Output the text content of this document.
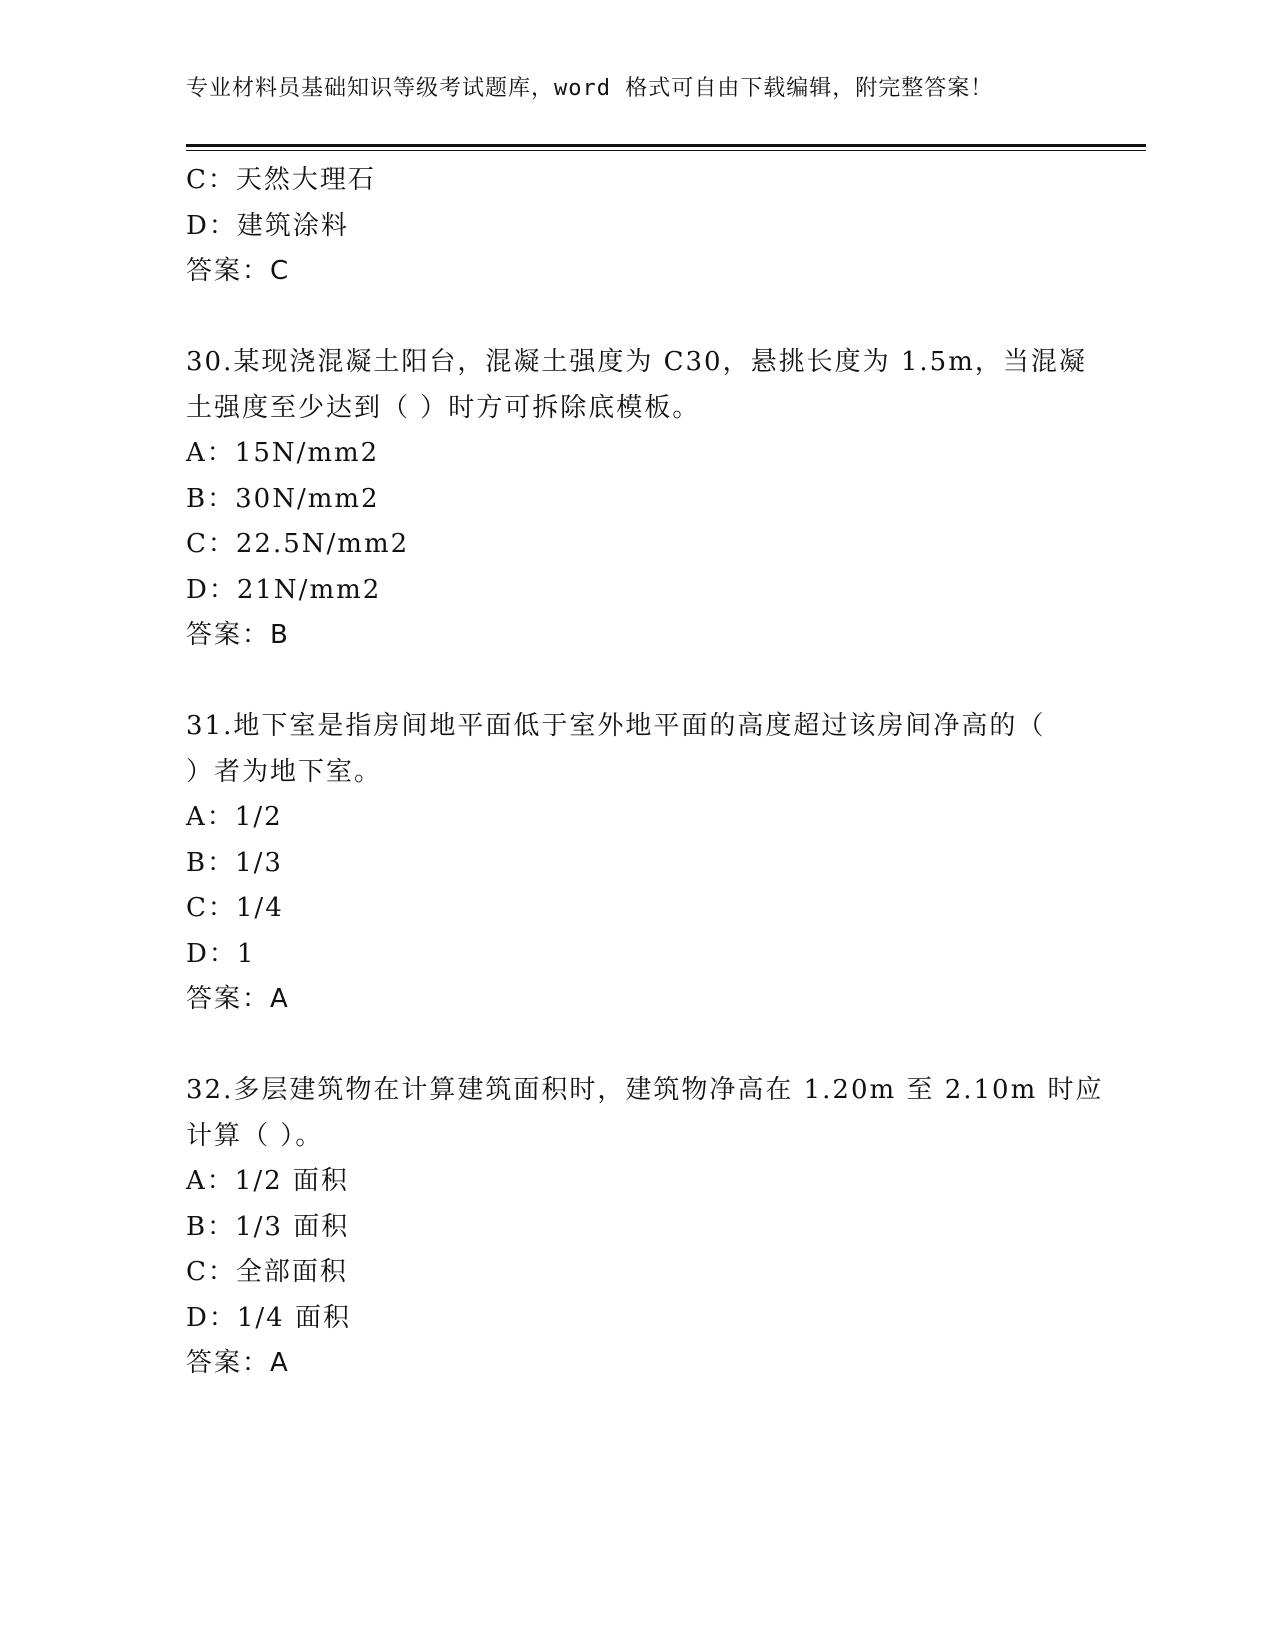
专业材料员基础知识等级考试题库，word 格式可自由下载编辑，附完整答案！
C：天然大理石
D：建筑涂料
答案：C
30.某现浇混凝土阳台，混凝土强度为 C30，悬挑长度为 1.5m，当混凝
土强度至少达到（ ）时方可拆除底模板。
A：15N/mm2
B：30N/mm2
C：22.5N/mm2
D：21N/mm2
答案：B
31.地下室是指房间地平面低于室外地平面的高度超过该房间净高的（
）者为地下室。
A：1/2
B：1/3
C：1/4
D：1
答案：A
32.多层建筑物在计算建筑面积时，建筑物净高在 1.20m 至 2.10m 时应
计算（ ）。
A：1/2 面积
B：1/3 面积
C：全部面积
D：1/4 面积
答案：A
